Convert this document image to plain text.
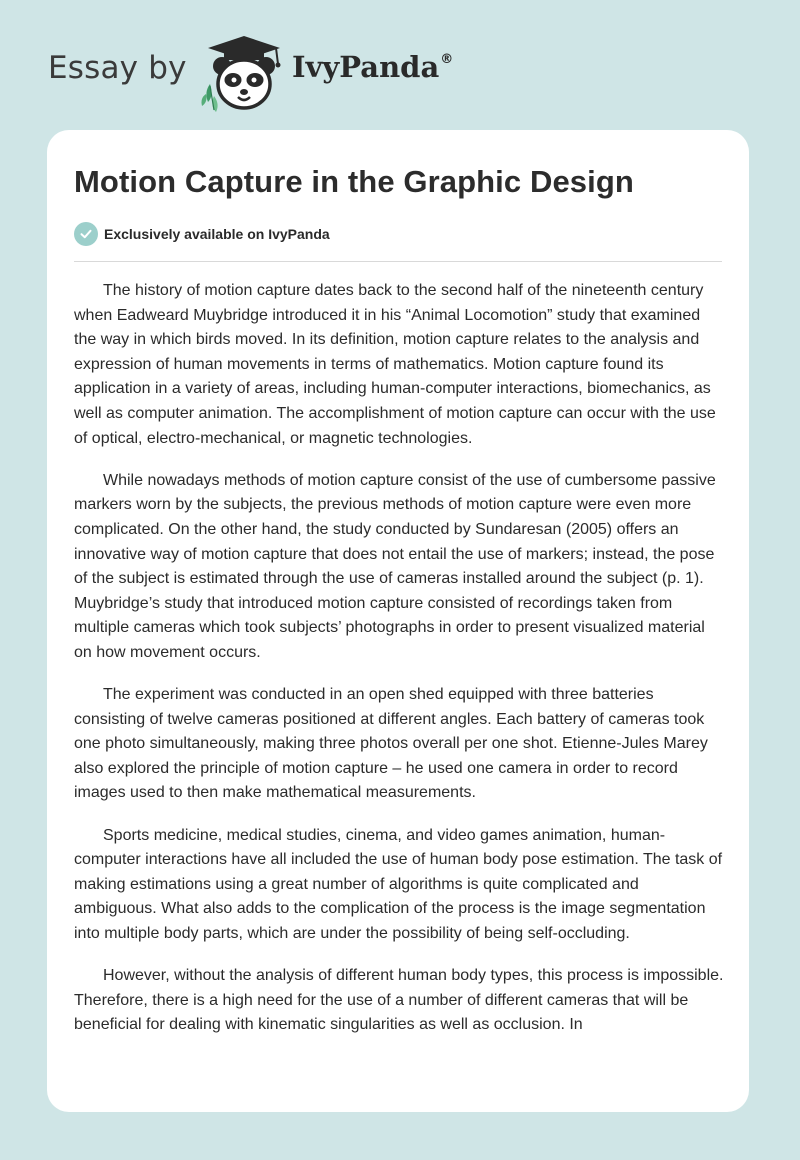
Essay by	IvyPanda®
Motion Capture in the Graphic Design
Exclusively available on IvyPanda

The history of motion capture dates back to the second half of the nineteenth century when Eadweard Muybridge introduced it in his “Animal Locomotion” study that examined the way in which birds moved. In its definition, motion capture relates to the analysis and expression of human movements in terms of mathematics. Motion capture found its application in a variety of areas, including human-computer interactions, biomechanics, as well as computer animation. The accomplishment of motion capture can occur with the use of optical, electro-mechanical, or magnetic technologies.

While nowadays methods of motion capture consist of the use of cumbersome passive markers worn by the subjects, the previous methods of motion capture were even more complicated. On the other hand, the study conducted by Sundaresan (2005) offers an innovative way of motion capture that does not entail the use of markers; instead, the pose of the subject is estimated through the use of cameras installed around the subject (p. 1). Muybridge’s study that introduced motion capture consisted of recordings taken from multiple cameras which took subjects’ photographs in order to present visualized material on how movement occurs.

The experiment was conducted in an open shed equipped with three batteries consisting of twelve cameras positioned at different angles. Each battery of cameras took one photo simultaneously, making three photos overall per one shot. Etienne-Jules Marey also explored the principle of motion capture – he used one camera in order to record images used to then make mathematical measurements.

Sports medicine, medical studies, cinema, and video games animation, human-computer interactions have all included the use of human body pose estimation. The task of making estimations using a great number of algorithms is quite complicated and ambiguous. What also adds to the complication of the process is the image segmentation into multiple body parts, which are under the possibility of being self-occluding.

However, without the analysis of different human body types, this process is impossible. Therefore, there is a high need for the use of a number of different cameras that will be beneficial for dealing with kinematic singularities as well as occlusion. In
